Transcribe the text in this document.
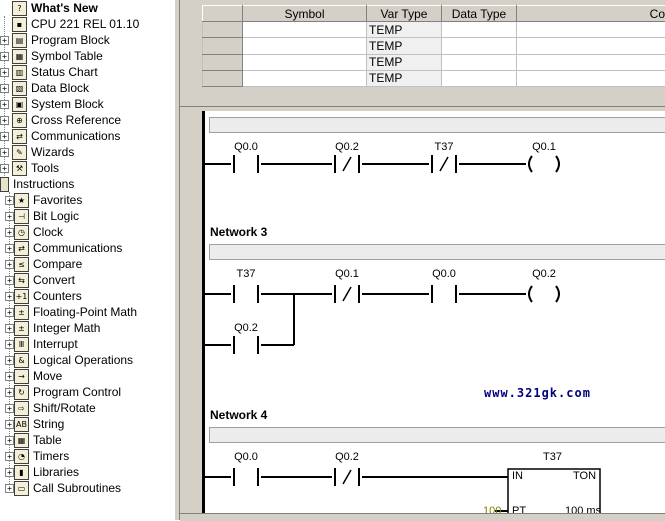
? What's New
▪ CPU 221 REL 01.10
+	▤ Program Block
+	▦ Symbol Table
+	▥ Status Chart
+	▧ Data Block
+	▣ System Block
+	⊕ Cross Reference
+	⇄ Communications
+	✎ Wizards
+	⚒ Tools
Instructions
+ ★ Favorites
+ ⊣ Bit Logic
+ ◷ Clock
+ ⇄ Communications
+ ≤ Compare
+ ⇆ Convert
+ +1 Counters
+ ± Floating-Point Math
+ ± Integer Math
+ Ⅲ Interrupt
+ & Logical Operations
+ → Move
+ ↻ Program Control
+ ⇨ Shift/Rotate
+ AB String
+ ▦ Table
+ ◔ Timers
+ ▮ Libraries
+ ▭ Call Subroutines
	Symbol	Var Type	Data Type	Co
		TEMP		
		TEMP		
		TEMP		
		TEMP		
Q0.0	Q0.2	T37	Q0.1
Network 3
T37	Q0.1	Q0.0	Q0.2
Q0.2
www.321gk.com
Network 4
Q0.0	Q0.2	T37
IN	TON
PT
100	100 ms
